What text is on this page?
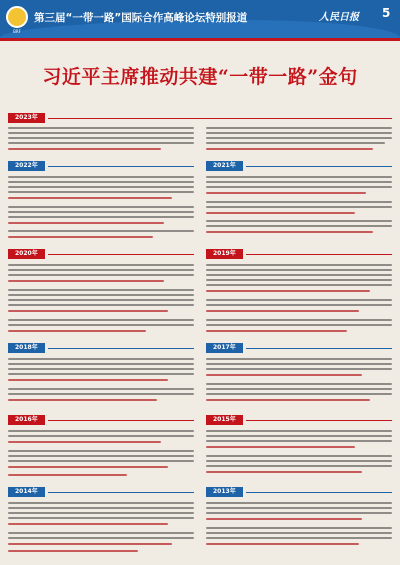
BRF
第三届“一带一路”国际合作高峰论坛特别报道	人民日报 5
习近平主席推动共建“一带一路”金句
2023年
2022年	2021年
2020年	2019年
2018年	2017年
2016年	2015年
2014年	2013年
